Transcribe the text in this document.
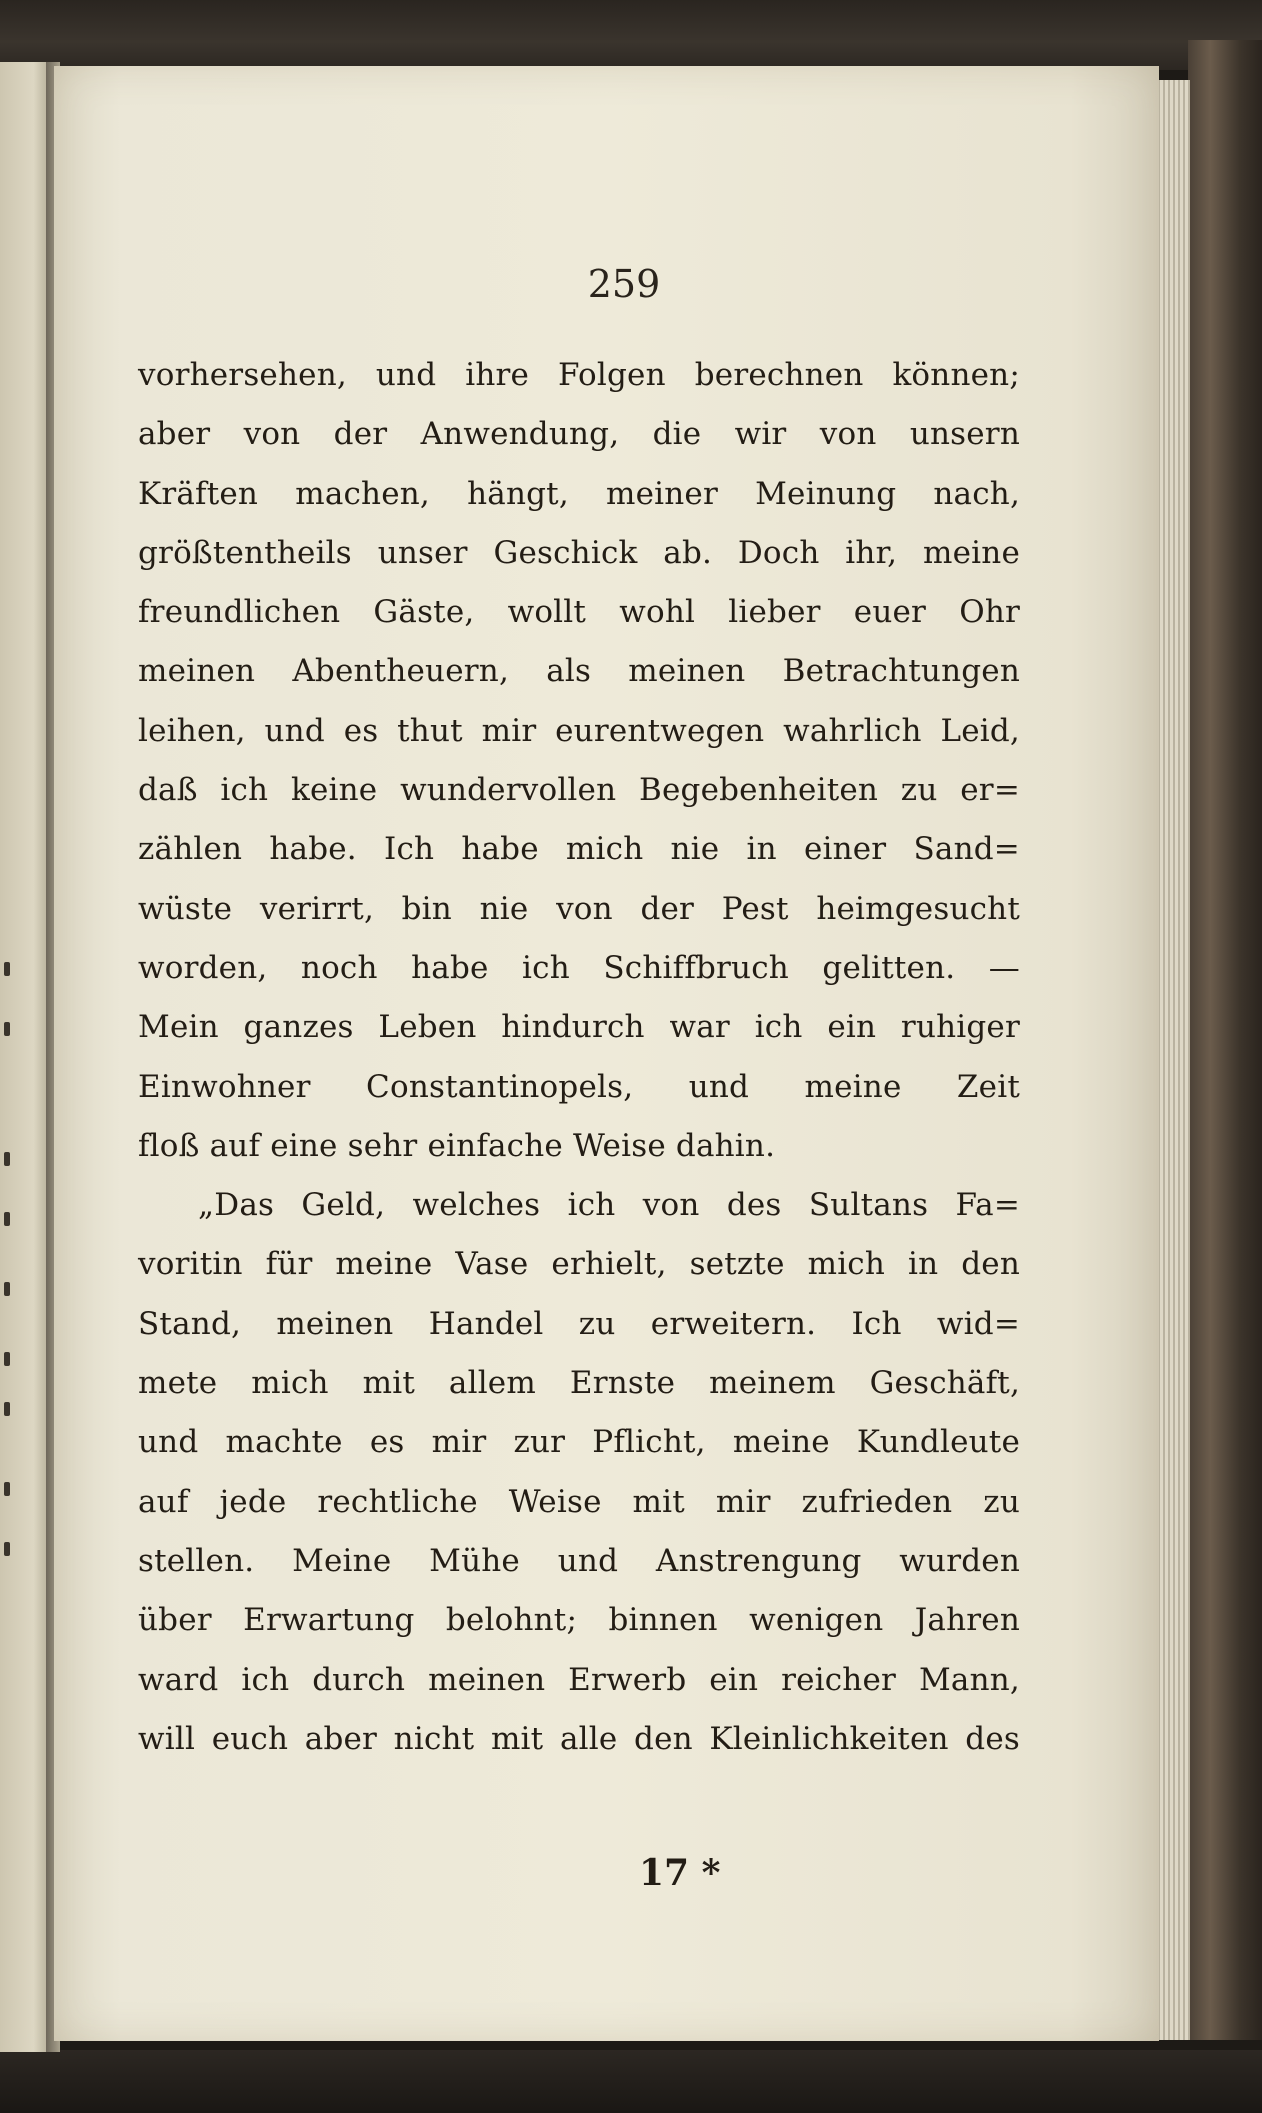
259
vorhersehen, und ihre Folgen berechnen können;
aber von der Anwendung, die wir von unsern
Kräften machen, hängt, meiner Meinung nach,
größtentheils unser Geschick ab. Doch ihr, meine
freundlichen Gäste, wollt wohl lieber euer Ohr
meinen Abentheuern, als meinen Betrachtungen
leihen, und es thut mir eurentwegen wahrlich Leid,
daß ich keine wundervollen Begebenheiten zu er=
zählen habe. Ich habe mich nie in einer Sand=
wüste verirrt, bin nie von der Pest heimgesucht
worden, noch habe ich Schiffbruch gelitten. —
Mein ganzes Leben hindurch war ich ein ruhiger
Einwohner Constantinopels, und meine Zeit
floß auf eine sehr einfache Weise dahin.
„Das Geld, welches ich von des Sultans Fa=
voritin für meine Vase erhielt, setzte mich in den
Stand, meinen Handel zu erweitern. Ich wid=
mete mich mit allem Ernste meinem Geschäft,
und machte es mir zur Pflicht, meine Kundleute
auf jede rechtliche Weise mit mir zufrieden zu
stellen. Meine Mühe und Anstrengung wurden
über Erwartung belohnt; binnen wenigen Jahren
ward ich durch meinen Erwerb ein reicher Mann,
will euch aber nicht mit alle den Kleinlichkeiten des
17 *
